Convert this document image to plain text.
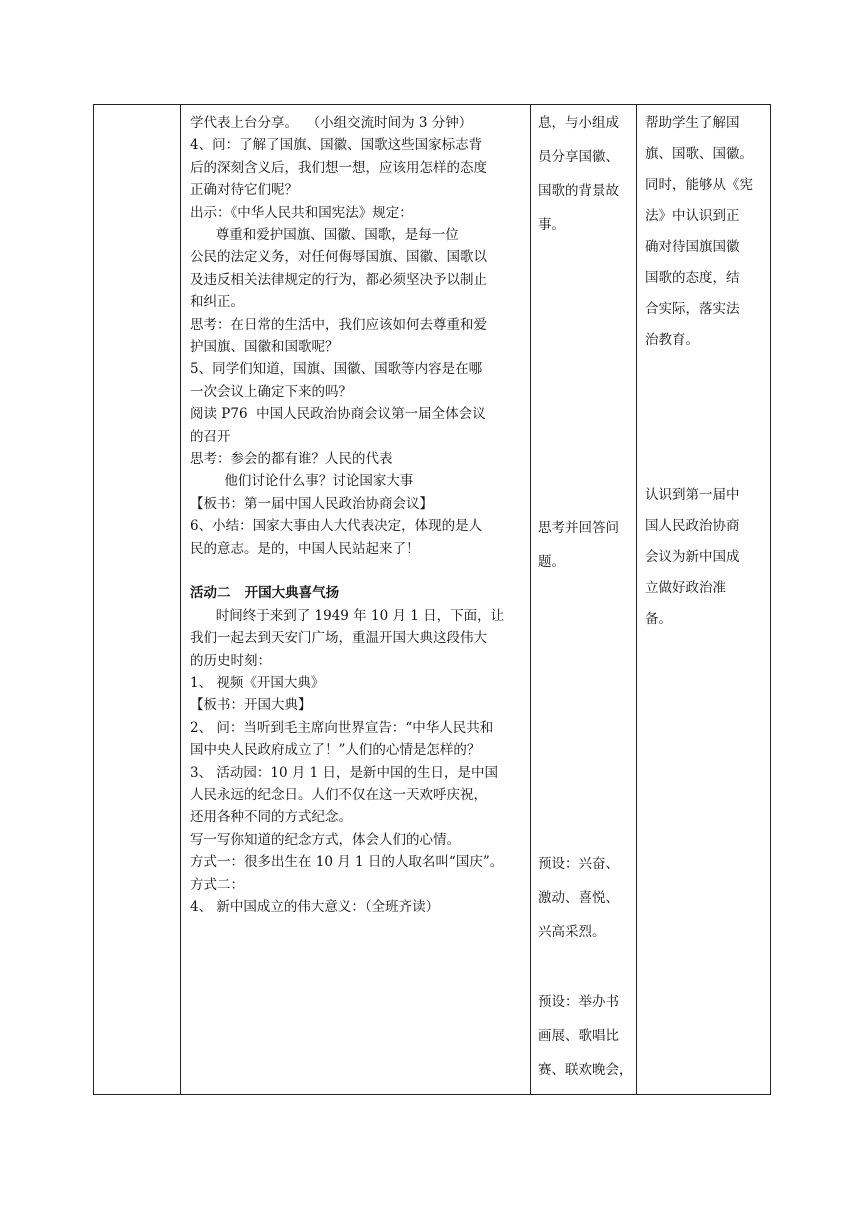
学代表上台分享。  （小组交流时间为 3 分钟）
4、问：了解了国旗、国徽、国歌这些国家标志背
后的深刻含义后，我们想一想，应该用怎样的态度
正确对待它们呢？
出示：《中华人民共和国宪法》规定：
尊重和爱护国旗、国徽、国歌，是每一位
公民的法定义务，对任何侮辱国旗、国徽、国歌以
及违反相关法律规定的行为，都必须坚决予以制止
和纠正。
思考：在日常的生活中，我们应该如何去尊重和爱
护国旗、国徽和国歌呢？
5、同学们知道，国旗、国徽、国歌等内容是在哪
一次会议上确定下来的吗？
阅读 P76  中国人民政治协商会议第一届全体会议
的召开
思考：参会的都有谁？人民的代表
他们讨论什么事？讨论国家大事
【板书：第一届中国人民政治协商会议】
6、小结：国家大事由人大代表决定，体现的是人
民的意志。是的，中国人民站起来了！
活动二   开国大典喜气扬
时间终于来到了 1949 年 10 月 1 日，下面，让
我们一起去到天安门广场，重温开国大典这段伟大
的历史时刻：
1、 视频《开国大典》
【板书：开国大典】
2、 问：当听到毛主席向世界宣告：“中华人民共和
国中央人民政府成立了！”人们的心情是怎样的？
3、 活动园：10 月 1 日，是新中国的生日，是中国
人民永远的纪念日。人们不仅在这一天欢呼庆祝，
还用各种不同的方式纪念。
写一写你知道的纪念方式，体会人们的心情。
方式一：很多出生在 10 月 1 日的人取名叫“国庆”。
方式二：
4、 新中国成立的伟大意义：（全班齐读）
息，与小组成
员分享国徽、
国歌的背景故
事。
思考并回答问
题。
预设：兴奋、
激动、喜悦、
兴高采烈。
预设：举办书
画展、歌唱比
赛、联欢晚会，
帮助学生了解国
旗、国歌、国徽。
同时，能够从《宪
法》中认识到正
确对待国旗国徽
国歌的态度，结
合实际，落实法
治教育。
认识到第一届中
国人民政治协商
会议为新中国成
立做好政治准
备。
